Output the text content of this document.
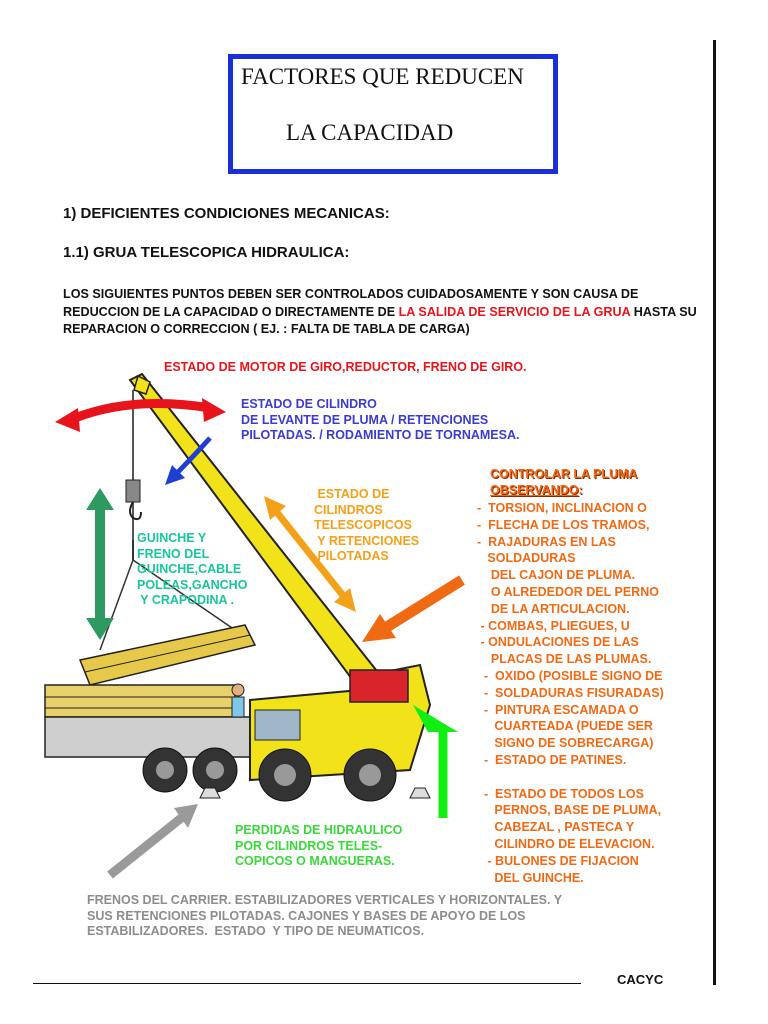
FACTORES QUE REDUCEN
LA CAPACIDAD
1) DEFICIENTES CONDICIONES MECANICAS:
1.1) GRUA TELESCOPICA HIDRAULICA:
LOS SIGUIENTES PUNTOS DEBEN SER CONTROLADOS CUIDADOSAMENTE Y SON CAUSA DE REDUCCION DE LA CAPACIDAD O DIRECTAMENTE DE LA SALIDA DE SERVICIO DE LA GRUA HASTA SU REPARACION O CORRECCION ( EJ. : FALTA DE TABLA DE CARGA)
ESTADO DE MOTOR DE GIRO,REDUCTOR, FRENO DE GIRO.
ESTADO DE CILINDRO
DE LEVANTE DE PLUMA / RETENCIONES
PILOTADAS. / RODAMIENTO DE TORNAMESA.
ESTADO DE
CILINDROS
TELESCOPICOS
Y RETENCIONES
PILOTADAS
GUINCHE Y
FRENO DEL
GUINCHE,CABLE
POLEAS,GANCHO
Y CRAPODINA .
PERDIDAS DE HIDRAULICO
POR CILINDROS TELES-
COPICOS O MANGUERAS.
FRENOS DEL CARRIER. ESTABILIZADORES VERTICALES Y HORIZONTALES. Y
SUS RETENCIONES PILOTADAS. CAJONES Y BASES DE APOYO DE LOS
ESTABILIZADORES.  ESTADO  Y TIPO DE NEUMATICOS.
CONTROLAR LA PLUMA
OBSERVANDO:
-  TORSION, INCLINACION O
-  FLECHA DE LOS TRAMOS,
-  RAJADURAS EN LAS
SOLDADURAS
DEL CAJON DE PLUMA.
O ALREDEDOR DEL PERNO
DE LA ARTICULACION.
- COMBAS, PLIEGUES, U
- ONDULACIONES DE LAS
PLACAS DE LAS PLUMAS.
-  OXIDO (POSIBLE SIGNO DE
-  SOLDADURAS FISURADAS)
-  PINTURA ESCAMADA O
CUARTEADA (PUEDE SER
SIGNO DE SOBRECARGA)
-  ESTADO DE PATINES.

-  ESTADO DE TODOS LOS
PERNOS, BASE DE PLUMA,
CABEZAL , PASTECA Y
CILINDRO DE ELEVACION.
- BULONES DE FIJACION
DEL GUINCHE.
CACYC
